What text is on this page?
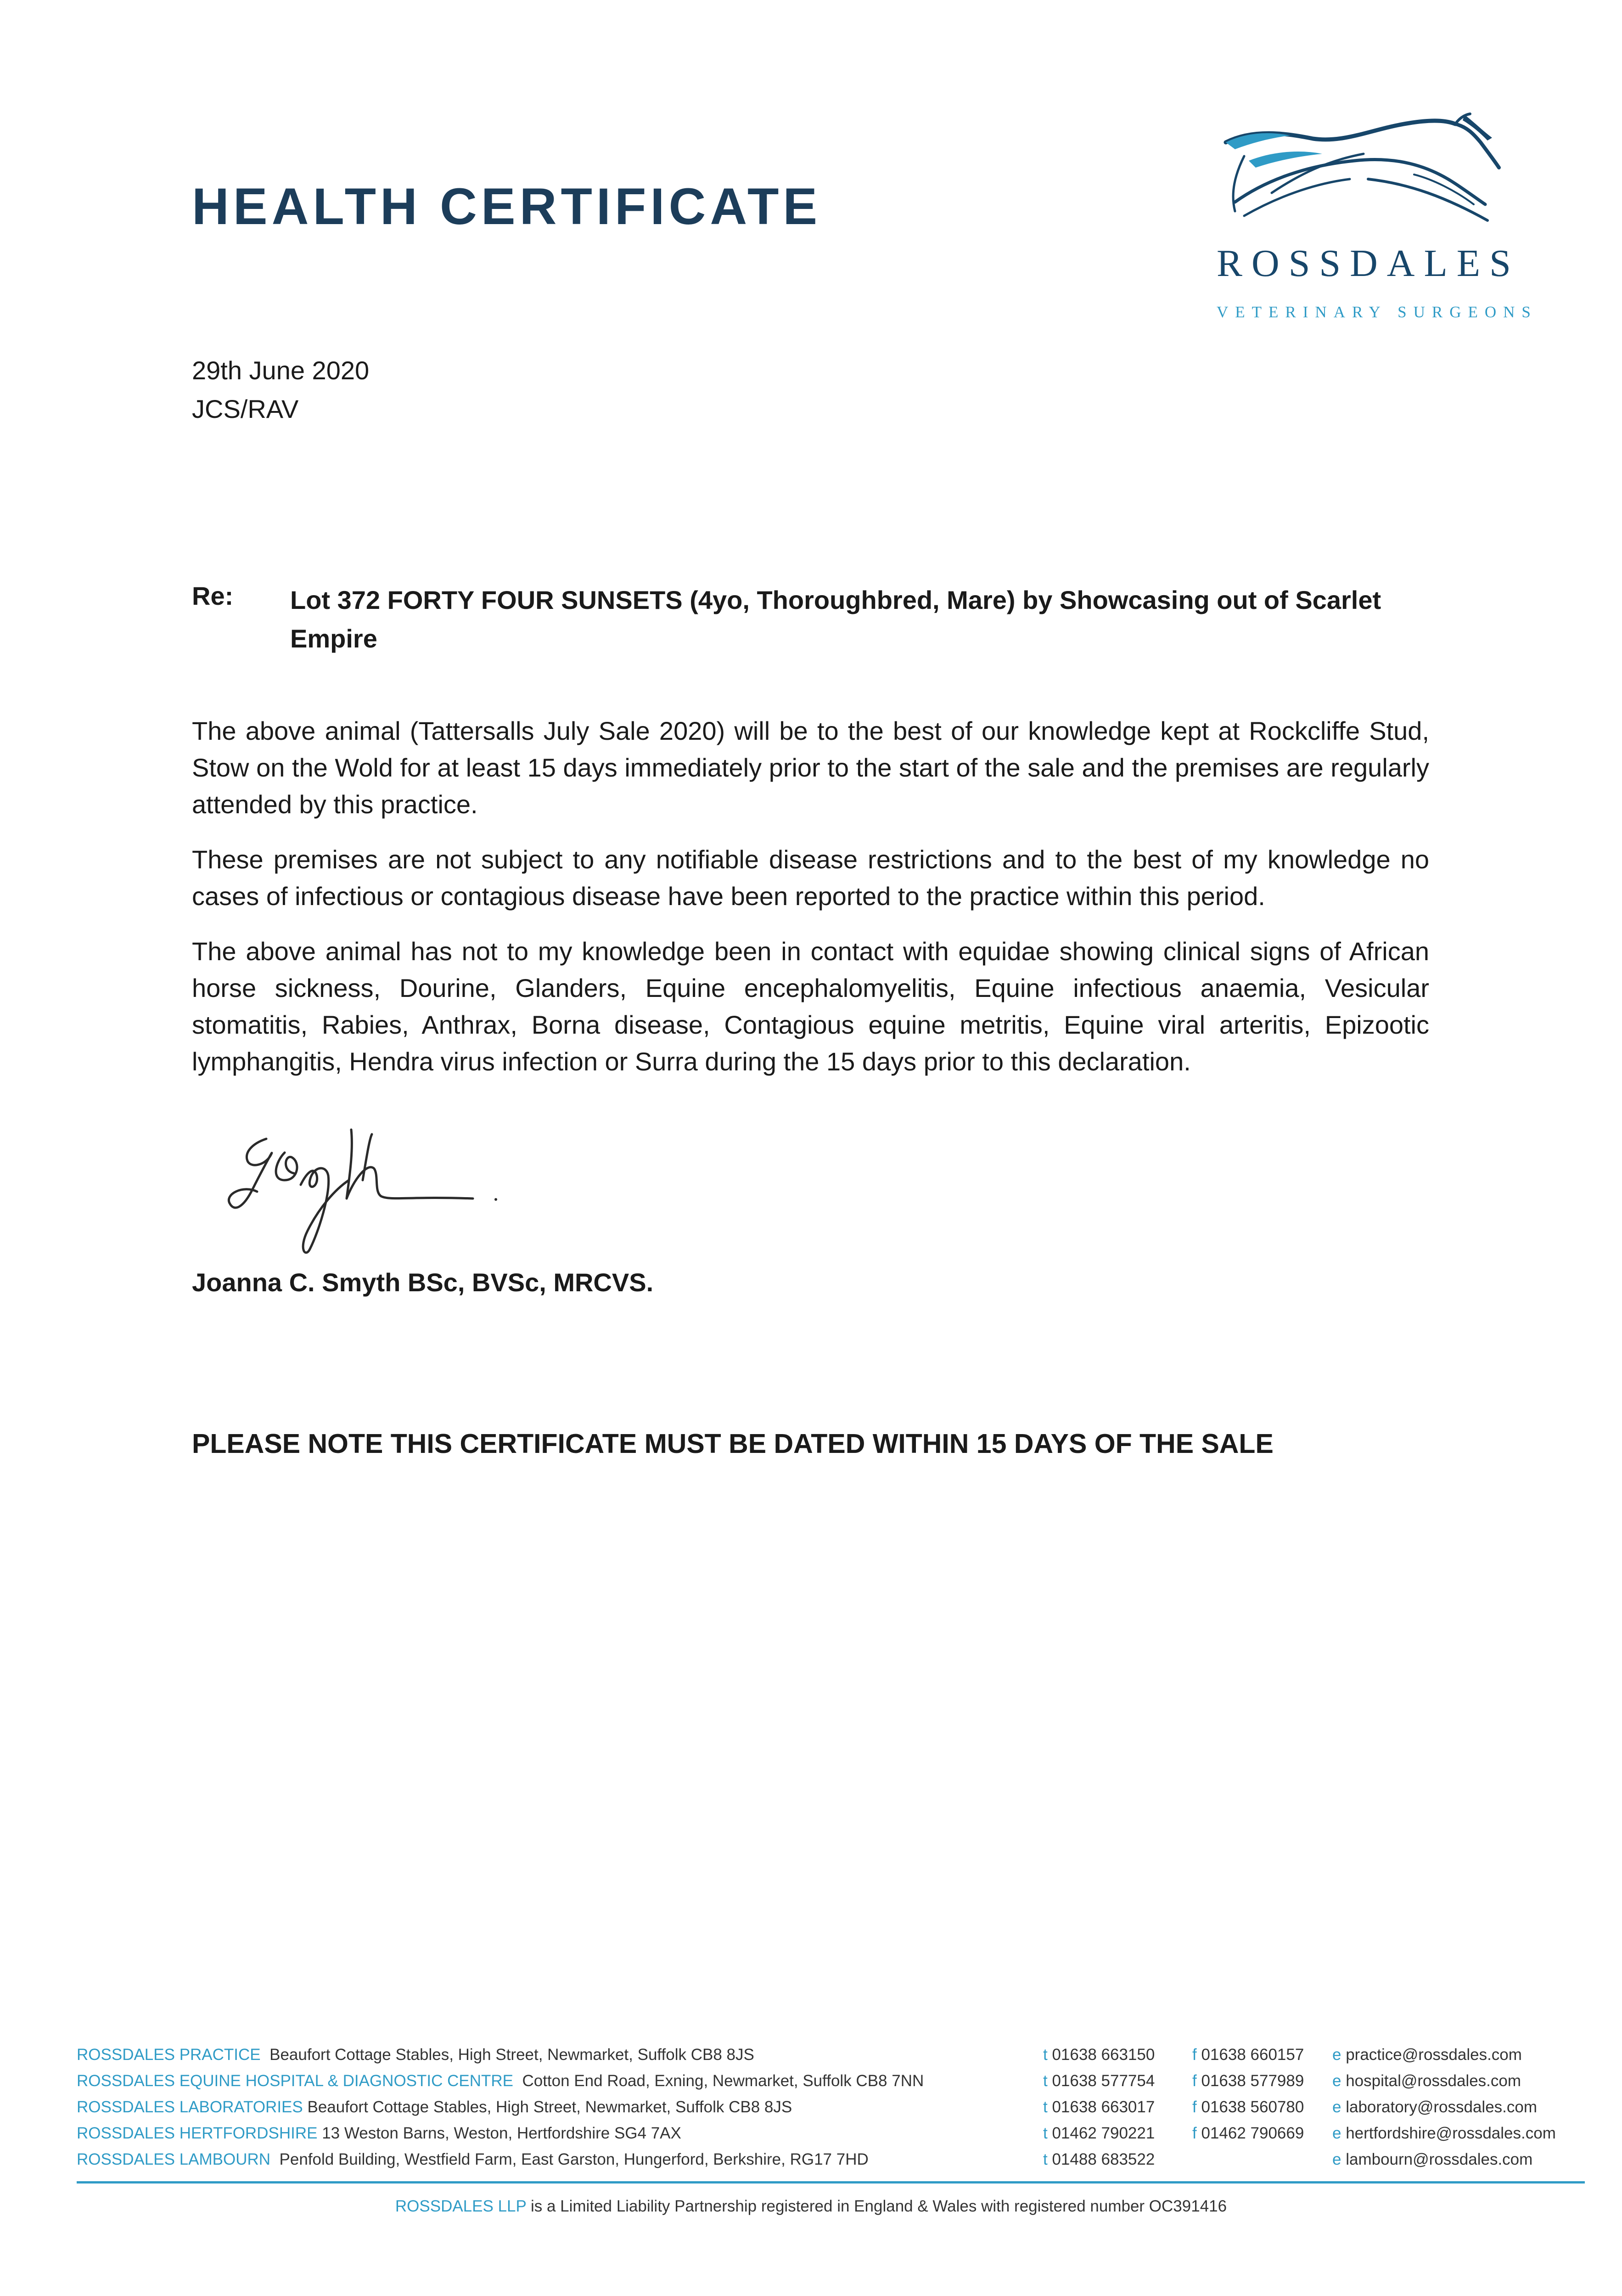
HEALTH CERTIFICATE
ROSSDALES
VETERINARY SURGEONS
29th June 2020
JCS/RAV
Re: Lot 372 FORTY FOUR SUNSETS (4yo, Thoroughbred, Mare) by Showcasing out of Scarlet Empire

The above animal (Tattersalls July Sale 2020) will be to the best of our knowledge kept at Rockcliffe Stud, Stow on the Wold for at least 15 days immediately prior to the start of the sale and the premises are regularly attended by this practice.

These premises are not subject to any notifiable disease restrictions and to the best of my knowledge no cases of infectious or contagious disease have been reported to the practice within this period.

The above animal has not to my knowledge been in contact with equidae showing clinical signs of African horse sickness, Dourine, Glanders, Equine encephalomyelitis, Equine infectious anaemia, Vesicular stomatitis, Rabies, Anthrax, Borna disease, Contagious equine metritis, Equine viral arteritis, Epizootic lymphangitis, Hendra virus infection or Surra during the 15 days prior to this declaration.

Joanna C. Smyth BSc, BVSc, MRCVS.
PLEASE NOTE THIS CERTIFICATE MUST BE DATED WITHIN 15 DAYS OF THE SALE
ROSSDALES PRACTICE Beaufort Cottage Stables, High Street, Newmarket, Suffolk CB8 8JS	t 01638 663150 f 01638 660157 e practice@rossdales.com
ROSSDALES EQUINE HOSPITAL & DIAGNOSTIC CENTRE Cotton End Road, Exning, Newmarket, Suffolk CB8 7NN	t 01638 577754 f 01638 577989 e hospital@rossdales.com
ROSSDALES LABORATORIES Beaufort Cottage Stables, High Street, Newmarket, Suffolk CB8 8JS	t 01638 663017 f 01638 560780 e laboratory@rossdales.com
ROSSDALES HERTFORDSHIRE 13 Weston Barns, Weston, Hertfordshire SG4 7AX	t 01462 790221 f 01462 790669 e hertfordshire@rossdales.com
ROSSDALES LAMBOURN Penfold Building, Westfield Farm, East Garston, Hungerford, Berkshire, RG17 7HD	t 01488 683522	e lambourn@rossdales.com
ROSSDALES LLP is a Limited Liability Partnership registered in England & Wales with registered number OC391416
